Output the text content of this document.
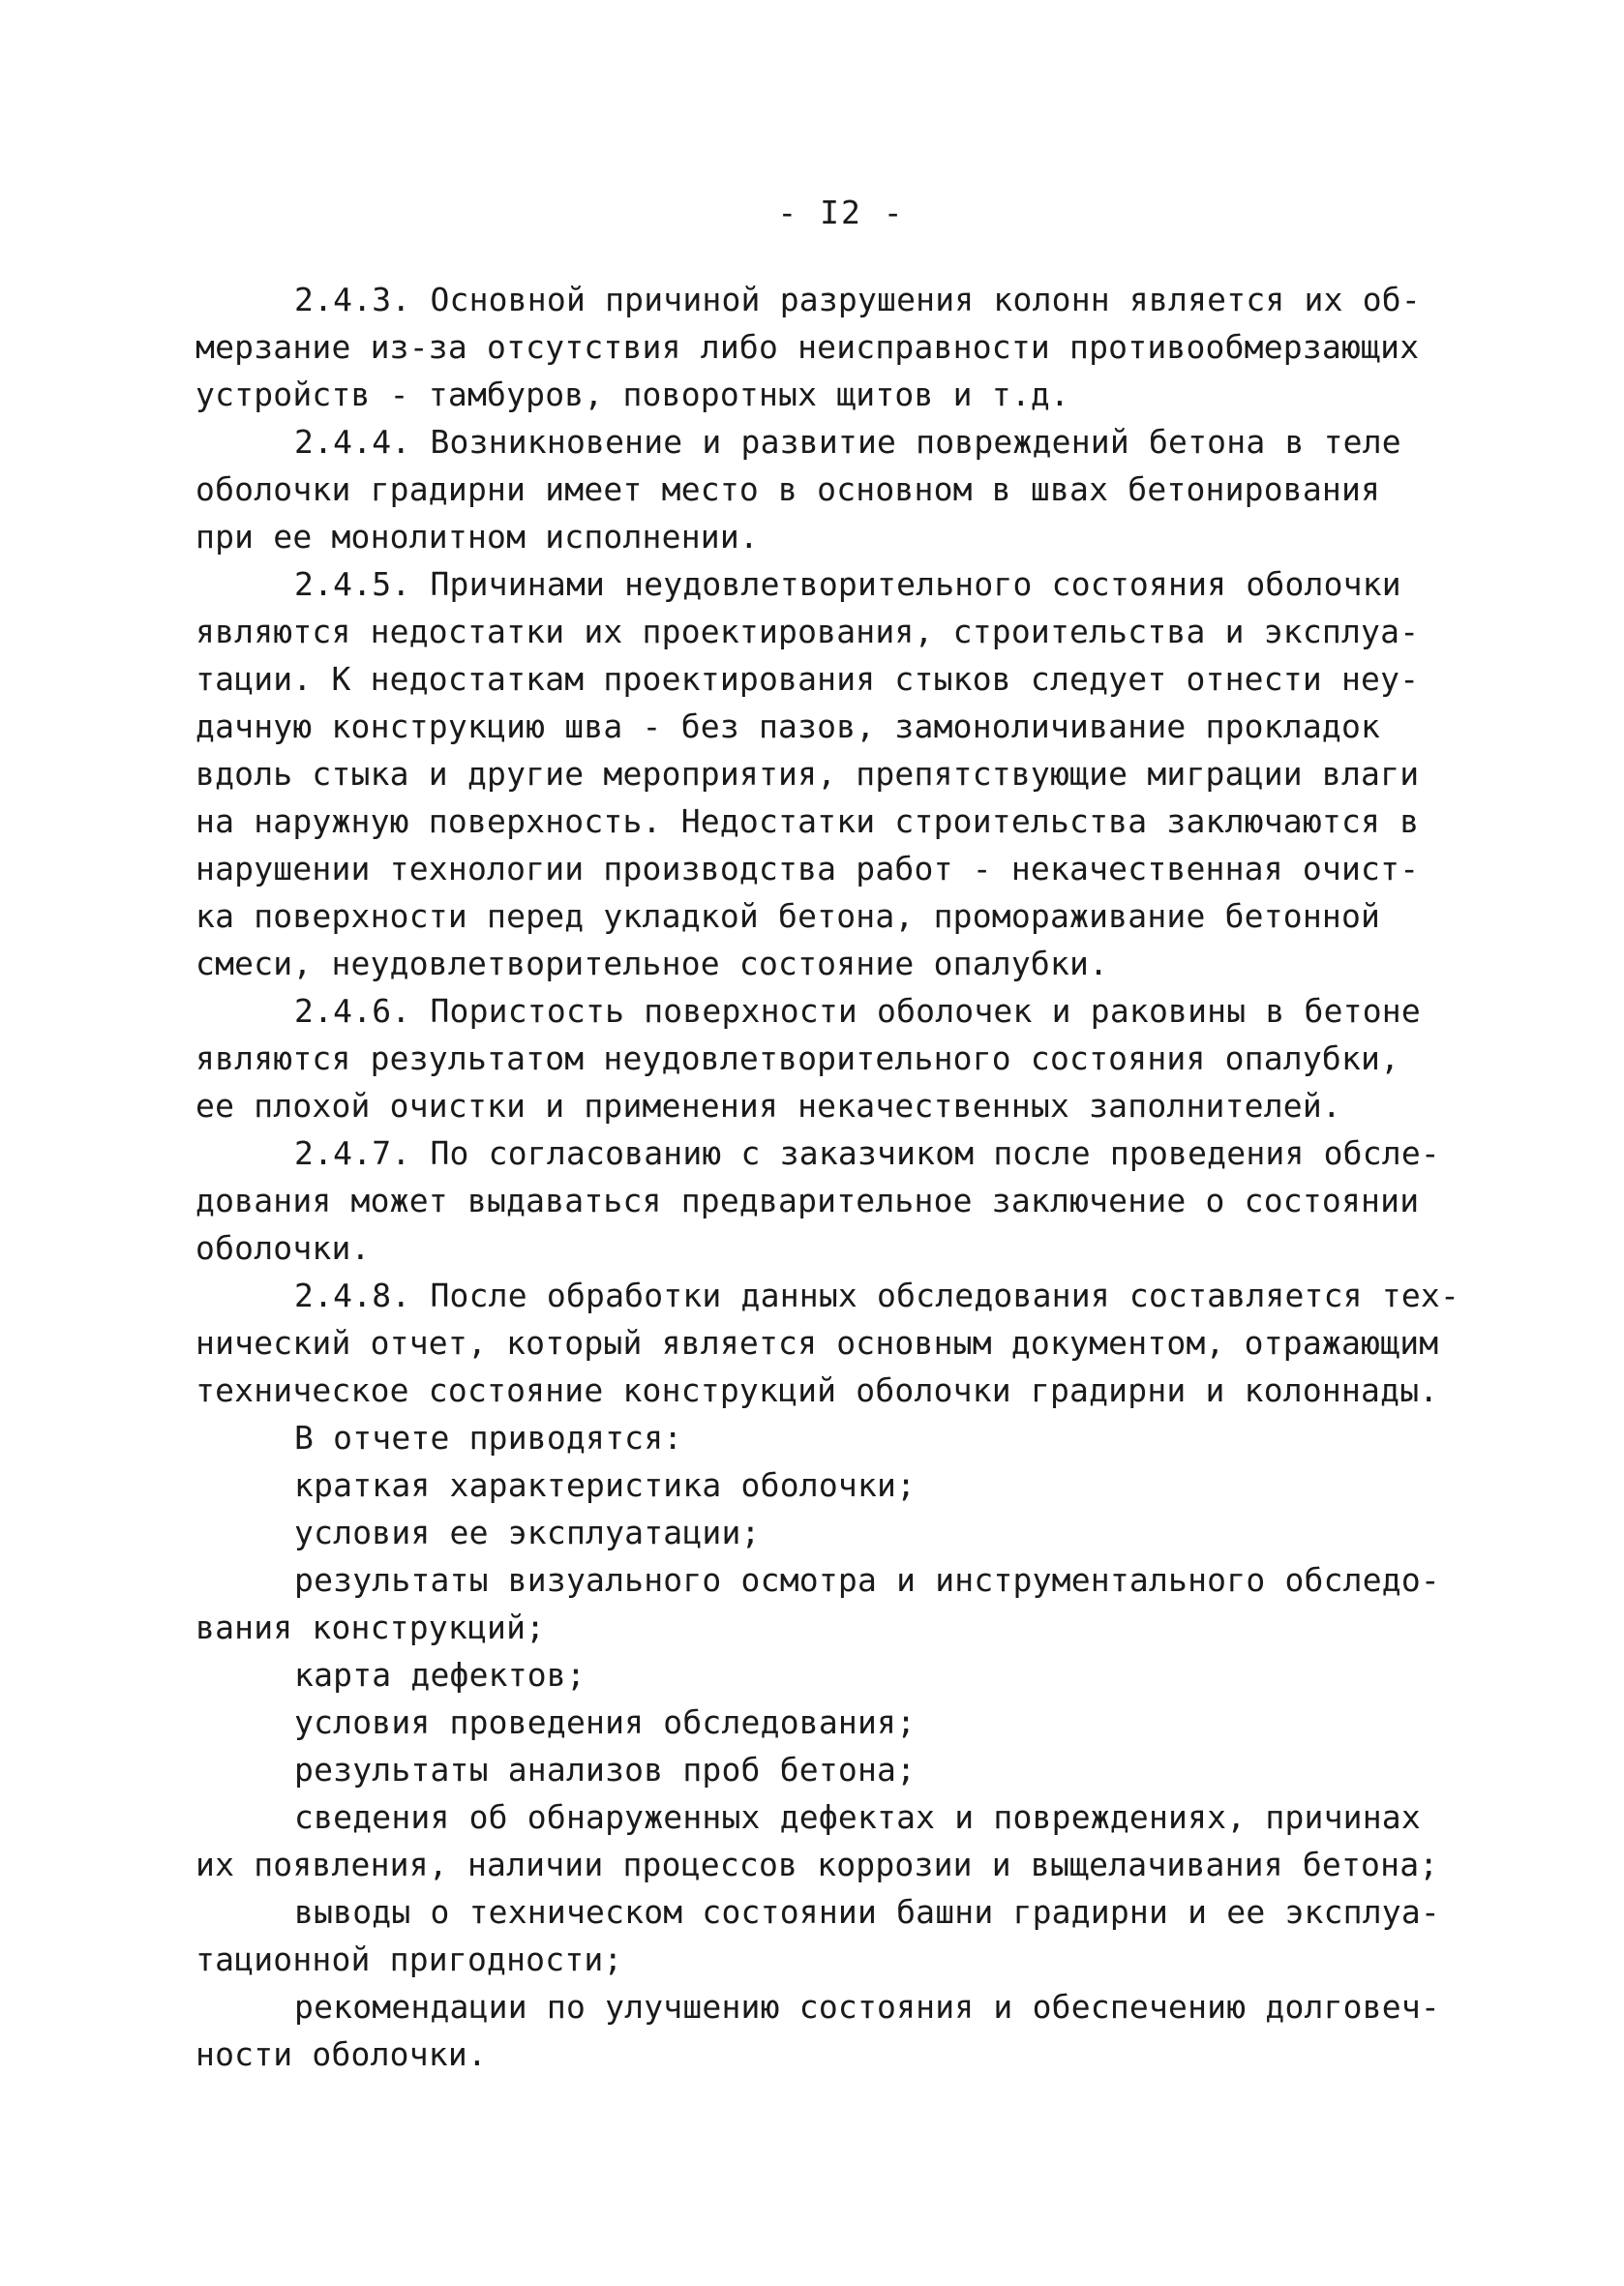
- I2 -
2.4.3. Основной причиной разрушения колонн является их об-
мерзание из-за отсутствия либо неисправности противообмерзающих
устройств - тамбуров, поворотных щитов и т.д.
2.4.4. Возникновение и развитие повреждений бетона в теле
оболочки градирни имеет место в основном в швах бетонирования
при ее монолитном исполнении.
2.4.5. Причинами неудовлетворительного состояния оболочки
являются недостатки их проектирования, строительства и эксплуа-
тации. К недостаткам проектирования стыков следует отнести неу-
дачную конструкцию шва - без пазов, замоноличивание прокладок
вдоль стыка и другие мероприятия, препятствующие миграции влаги
на наружную поверхность. Недостатки строительства заключаются в
нарушении технологии производства работ - некачественная очист-
ка поверхности перед укладкой бетона, промораживание бетонной
смеси, неудовлетворительное состояние опалубки.
2.4.6. Пористость поверхности оболочек и раковины в бетоне
являются результатом неудовлетворительного состояния опалубки,
ее плохой очистки и применения некачественных заполнителей.
2.4.7. По согласованию с заказчиком после проведения обсле-
дования может выдаваться предварительное заключение о состоянии
оболочки.
2.4.8. После обработки данных обследования составляется тех-
нический отчет, который является основным документом, отражающим
техническое состояние конструкций оболочки градирни и колоннады.
В отчете приводятся:
краткая характеристика оболочки;
условия ее эксплуатации;
результаты визуального осмотра и инструментального обследо-
вания конструкций;
карта дефектов;
условия проведения обследования;
результаты анализов проб бетона;
сведения об обнаруженных дефектах и повреждениях, причинах
их появления, наличии процессов коррозии и выщелачивания бетона;
выводы о техническом состоянии башни градирни и ее эксплуа-
тационной пригодности;
рекомендации по улучшению состояния и обеспечению долговеч-
ности оболочки.
